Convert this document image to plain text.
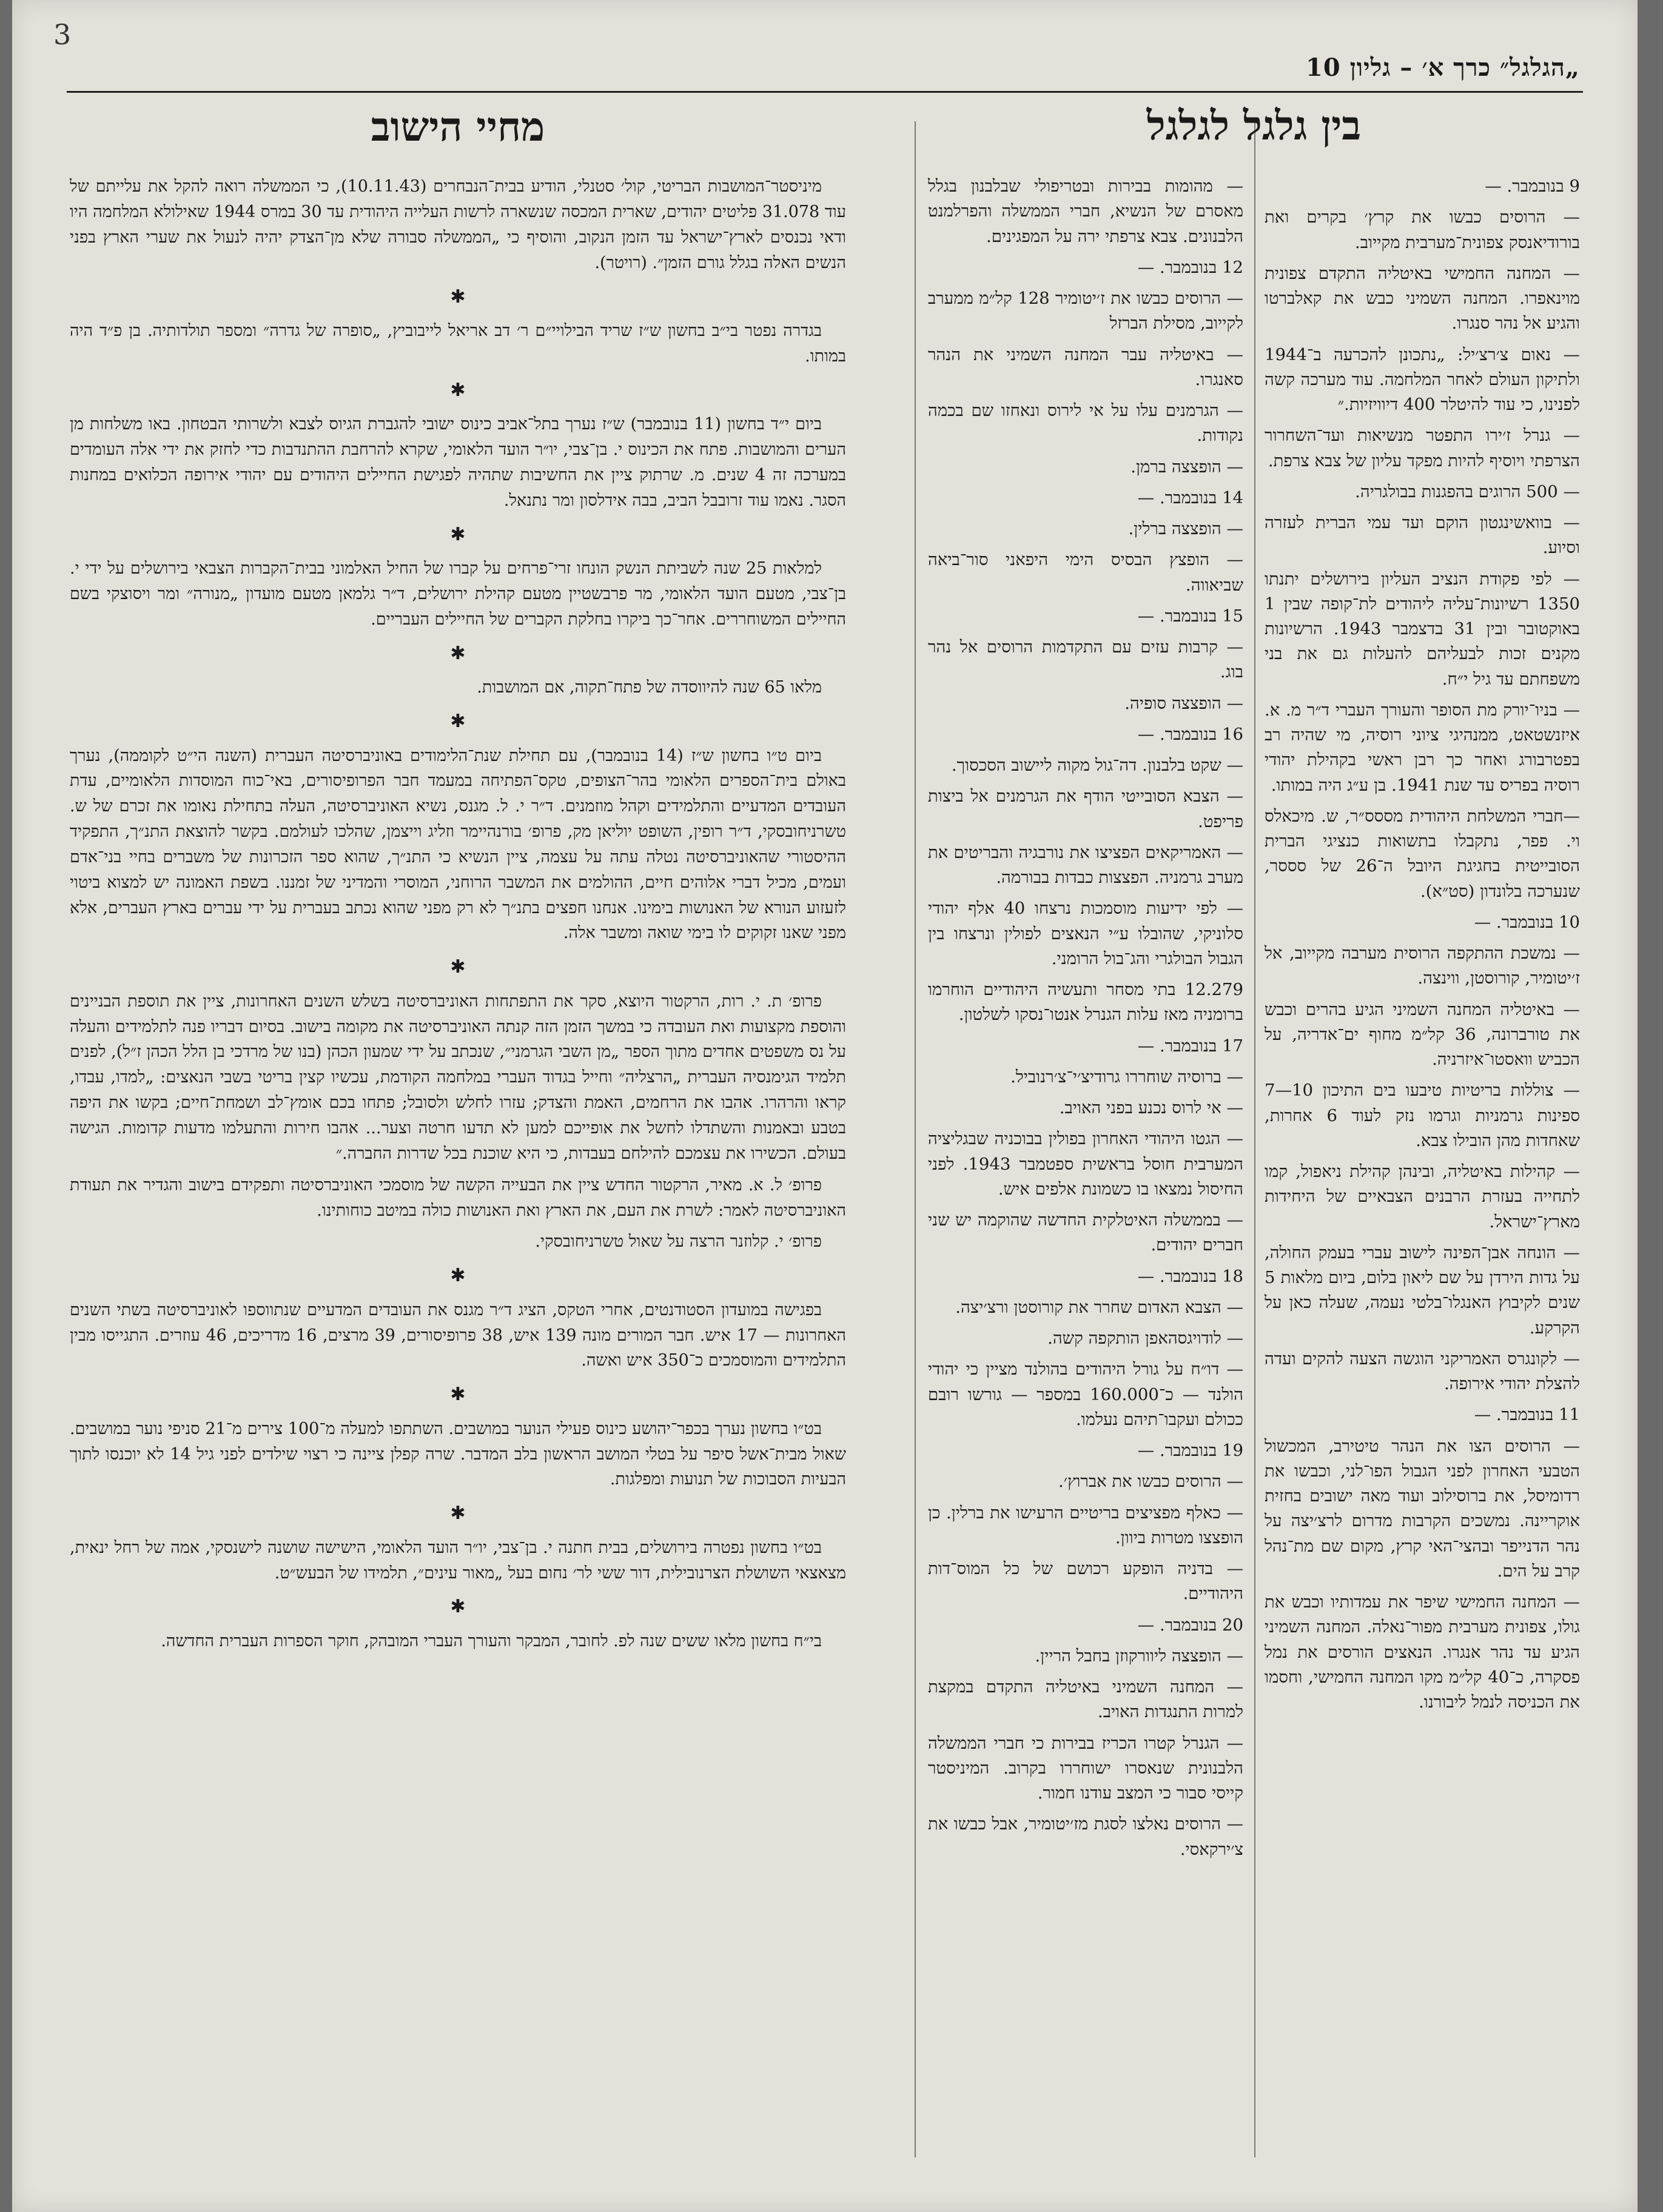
3
„הגלגל״ כרך א׳ – גליון 10

9 בנובמבר. —

— הרוסים כבשו את קרץ׳ בקרים ואת בורודיאנסק צפונית־מערבית מקייוב.

— המחנה החמישי באיטליה התקדם צפונית מוינאפרו. המחנה השמיני כבש את קאלברטו והגיע אל נהר סנגרו.

— נאום צ׳רצ׳יל: „נתכונן להכרעה ב־1944 ולתיקון העולם לאחר המלחמה. עוד מערכה קשה לפנינו, כי עוד להיטלר 400 דיוויזיות.״

— גנרל ז׳ירו התפטר מנשיאות ועד־השחרור הצרפתי ויוסיף להיות מפקד עליון של צבא צרפת.

— 500 הרוגים בהפגנות בבולגריה.

— בוואשינגטון הוקם ועד עמי הברית לעזרה וסיוע.

— לפי פקודת הנציב העליון בירושלים יתנתו 1350 רשיונות־עליה ליהודים לת־קופה שבין 1 באוקטובר ובין 31 בדצמבר 1943. הרשיונות מקנים זכות לבעליהם להעלות גם את בני משפחתם עד גיל י״ח.

— בניו־יורק מת הסופר והעורך העברי ד״ר מ. א. איזנשטאט, ממנהיגי ציוני רוסיה, מי שהיה רב בפטרבורג ואחר כך רבן ראשי בקהילת יהודי רוסיה בפריס עד שנת 1941. בן ע״ג היה במותו.

—חברי המשלחת היהודית מססס״ר, ש. מיכאלס וי. פפר, נתקבלו בתשואות כנציגי הברית הסובייטית בחגיגת היובל ה־26 של סססר, שנערכה בלונדון (סט״א).

10 בנובמבר. —

— נמשכת ההתקפה הרוסית מערבה מקייוב, אל ז׳יטומיר, קורוסטן, ווינצה.

— באיטליה המחנה השמיני הגיע בהרים וכבש את טורברונה, 36 קל״מ מחוף ים־אדריה, על הכביש וואסטו־איזרניה.

— צוללות בריטיות טיבעו בים התיכון 10—7 ספינות גרמניות וגרמו נזק לעוד 6 אחרות, שאחדות מהן הובילו צבא.

— קהילות באיטליה, ובינהן קהילת ניאפול, קמו לתחייה בעזרת הרבנים הצבאיים של היחידות מארץ־ישראל.

— הונחה אבן־הפינה לישוב עברי בעמק החולה, על גדות הירדן על שם ליאון בלום, ביום מלאות 5 שנים לקיבוץ האנגלו־בלטי נעמה, שעלה כאן על הקרקע.

— לקונגרס האמריקני הוגשה הצעה להקים ועדה להצלת יהודי אירופה.

11 בנובמבר. —

— הרוסים הצו את הנהר טיטירב, המכשול הטבעי האחרון לפני הגבול הפו־לני, וכבשו את רדומיסל, את ברוסילוב ועוד מאה ישובים בחזית אוקריינה. נמשכים הקרבות מדרום לרצ׳יצה על נהר הדנייפר ובהצי־האי קרץ, מקום שם מת־נהל קרב על הים.

— המחנה החמישי שיפר את עמדותיו וכבש את גולו, צפונית מערבית מפור־נאלה. המחנה השמיני הגיע עד נהר אנגרו. הנאצים הורסים את נמל פסקרה, כ־40 קל״מ מקו המחנה החמישי, וחסמו את הכניסה לנמל ליבורנו.

בין גלגל לגלגל

— מהומות בבירות ובטריפולי שבלבנון בגלל מאסרם של הנשיא, חברי הממשלה והפרלמנט הלבנונים. צבא צרפתי ירה על המפגינים.

12 בנובמבר. —

— הרוסים כבשו את ז׳יטומיר 128 קל״מ ממערב לקייוב, מסילת הברזל

— באיטליה עבר המחנה השמיני את הנהר סאנגרו.

— הגרמנים עלו על אי לירוס ונאחזו שם בכמה נקודות.

— הופצצה ברמן.

14 בנובמבר. —

— הופצצה ברלין.

— הופצץ הבסיס הימי היפאני סור־ביאה שביאווה.

15 בנובמבר. —

— קרבות עזים עם התקדמות הרוסים אל נהר בוג.

— הופצצה סופיה.

16 בנובמבר. —

— שקט בלבנון. דה־גול מקוה ליישוב הסכסוך.

— הצבא הסובייטי הודף את הגרמנים אל ביצות פריפט.

— האמריקאים הפציצו את נורבגיה והבריטים את מערב גרמניה. הפצצות כבדות בבורמה.

— לפי ידיעות מוסמכות נרצחו 40 אלף יהודי סלוניקי, שהובלו ע״י הנאצים לפולין ונרצחו בין הגבול הבולגרי והג־בול הרומני.

12.279 בתי מסחר ותעשיה היהודיים הוחרמו ברומניה מאז עלות הגנרל אנטו־נסקו לשלטון.

17 בנובמבר. —

— ברוסיה שוחררו גרודיצ׳י־צ׳רנוביל.

— אי לרוס נכנע בפני האויב.

— הגטו היהודי האחרון בפולין בבוכניה שבגליציה המערבית חוסל בראשית ספטמבר 1943. לפני החיסול נמצאו בו כשמונת אלפים איש.

— בממשלה האיטלקית החדשה שהוקמה יש שני חברים יהודים.

18 בנובמבר. —

— הצבא האדום שחרר את קורוסטן ורצ׳יצה.

— לודויגסהאפן הותקפה קשה.

— דו״ח על גורל היהודים בהולנד מציין כי יהודי הולנד — כ־160.000 במספר — גורשו רובם ככולם ועקבו־תיהם נעלמו.

19 בנובמבר. —

— הרוסים כבשו את אברוץ׳.

— כאלף מפציצים בריטיים הרעישו את ברלין. כן הופצצו מטרות ביוון.

— בדניה הופקע רכושם של כל המוס־דות היהודיים.

20 בנובמבר. —

— הופצצה ליוורקוזן בחבל הריין.

— המחנה השמיני באיטליה התקדם במקצת למרות התנגדות האויב.

— הגנרל קטרו הכריז בבירות כי חברי הממשלה הלבנונית שנאסרו ישוחררו בקרוב. המיניסטר קייסי סבור כי המצב עודנו חמור.

— הרוסים נאלצו לסגת מז׳יטומיר, אבל כבשו את צ׳ירקאסי.

מחיי הישוב

מיניסטר־המושבות הבריטי, קול׳ סטנלי, הודיע בבית־הנבחרים (10.11.43), כי הממשלה רואה להקל את עלייתם של עוד 31.078 פליטים יהודים, שארית המכסה שנשארה לרשות העלייה היהודית עד 30 במרס 1944 שאילולא המלחמה היו ודאי נכנסים לארץ־ישראל עד הזמן הנקוב, והוסיף כי „הממשלה סבורה שלא מן־הצדק יהיה לנעול את שערי הארץ בפני הנשים האלה בגלל גורם הזמן״. (רויטר).

✱

בגדרה נפטר בי״ב בחשון ש״ז שריד הבילויי״ם ר׳ דב אריאל לייבוביץ, „סופרה של גדרה״ ומספר תולדותיה. בן פ״ד היה במותו.

✱

ביום י״ד בחשון (11 בנובמבר) ש״ז נערך בתל־אביב כינוס ישובי להגברת הגיוס לצבא ולשרותי הבטחון. באו משלחות מן הערים והמושבות. פתח את הכינוס י. בן־צבי, יו״ר הועד הלאומי, שקרא להרחבת ההתנדבות כדי לחזק את ידי אלה העומדים במערכה זה 4 שנים. מ. שרתוק ציין את החשיבות שתהיה לפגישת החיילים היהודים עם יהודי אירופה הכלואים במחנות הסגר. נאמו עוד זרובבל הביב, בבה אידלסון ומר נתנאל.

✱

למלאות 25 שנה לשביתת הנשק הונחו זרי־פרחים על קברו של החיל האלמוני בבית־הקברות הצבאי בירושלים על ידי י. בן־צבי, מטעם הועד הלאומי, מר פרבשטיין מטעם קהילת ירושלים, ד״ר גלמאן מטעם מועדון „מנורה״ ומר ויסוצקי בשם החיילים המשוחררים. אחר־כך ביקרו בחלקת הקברים של החיילים העבריים.

✱

מלאו 65 שנה להיווסדה של פתח־תקוה, אם המושבות.

✱

ביום ט״ו בחשון ש״ז (14 בנובמבר), עם תחילת שנת־הלימודים באוניברסיטה העברית (השנה הי״ט לקוממה), נערך באולם בית־הספרים הלאומי בהר־הצופים, טקס־הפתיחה במעמד חבר הפרופיסורים, באי־כוח המוסדות הלאומיים, עדת העובדים המדעיים והתלמידים וקהל מוזמנים. ד״ר י. ל. מגנס, נשיא האוניברסיטה, העלה בתחילת נאומו את זכרם של ש. טשרניחובסקי, ד״ר רופין, השופט יוליאן מק, פרופ׳ בורנהיימר וזליג וייצמן, שהלכו לעולמם. בקשר להוצאת התנ״ך, התפקיד ההיסטורי שהאוניברסיטה נטלה עתה על עצמה, ציין הנשיא כי התנ״ך, שהוא ספר הזכרונות של משברים בחיי בני־אדם ועמים, מכיל דברי אלוהים חיים, ההולמים את המשבר הרוחני, המוסרי והמדיני של זמננו. בשפת האמונה יש למצוא ביטוי לזעזוע הנורא של האנושות בימינו. אנחנו חפצים בתנ״ך לא רק מפני שהוא נכתב בעברית על ידי עברים בארץ העברים, אלא מפני שאנו זקוקים לו בימי שואה ומשבר אלה.

✱

פרופ׳ ת. י. רות, הרקטור היוצא, סקר את התפתחות האוניברסיטה בשלש השנים האחרונות, ציין את תוספת הבניינים והוספת מקצועות ואת העובדה כי במשך הזמן הזה קנתה האוניברסיטה את מקומה בישוב. בסיום דבריו פנה לתלמידים והעלה על נס משפטים אחדים מתוך הספר „מן השבי הגרמני״, שנכתב על ידי שמעון הכהן (בנו של מרדכי בן הלל הכהן ז״ל), לפנים תלמיד הגימנסיה העברית „הרצליה״ וחייל בגדוד העברי במלחמה הקודמת, עכשיו קצין בריטי בשבי הנאצים: „למדו, עבדו, קראו והרהרו. אהבו את הרחמים, האמת והצדק; עזרו לחלש ולסובל; פתחו בכם אומץ־לב ושמחת־חיים; בקשו את היפה בטבע ובאמנות והשתדלו לחשל את אופייכם למען לא תדעו חרטה וצער... אהבו חירות והתעלמו מדעות קדומות. הגישה בעולם. הכשירו את עצמכם להילחם בעבדות, כי היא שוכנת בכל שדרות החברה.״

פרופ׳ ל. א. מאיר, הרקטור החדש ציין את הבעייה הקשה של מוסמכי האוניברסיטה ותפקידם בישוב והגדיר את תעודת האוניברסיטה לאמר: לשרת את העם, את הארץ ואת האנושות כולה במיטב כוחותינו.

פרופ׳ י. קלוזנר הרצה על שאול טשרניחובסקי.

✱

בפגישה במועדון הסטודנטים, אחרי הטקס, הציג ד״ר מגנס את העובדים המדעיים שנתווספו לאוניברסיטה בשתי השנים האחרונות — 17 איש. חבר המורים מונה 139 איש, 38 פרופיסורים, 39 מרצים, 16 מדריכים, 46 עוזרים. התגייסו מבין התלמידים והמוסמכים כ־350 איש ואשה.

✱

בט״ו בחשון נערך בכפר־יהושע כינוס פעילי הנוער במושבים. השתתפו למעלה מ־100 צירים מ־21 סניפי נוער במושבים. שאול מבית־אשל סיפר על בטלי המושב הראשון בלב המדבר. שרה קפלן ציינה כי רצוי שילדים לפני גיל 14 לא יוכנסו לתוך הבעיות הסבוכות של תנועות ומפלגות.

✱

בט״ו בחשון נפטרה בירושלים, בבית חתנה י. בן־צבי, יו״ר הועד הלאומי, הישישה שושנה לישנסקי, אמה של רחל ינאית, מצאצאי השושלת הצרנובילית, דור ששי לר׳ נחום בעל „מאור עינים״, תלמידו של הבעש״ט.

✱

בי״ח בחשון מלאו ששים שנה לפ. לחובר, המבקר והעורך העברי המובהק, חוקר הספרות העברית החדשה.
